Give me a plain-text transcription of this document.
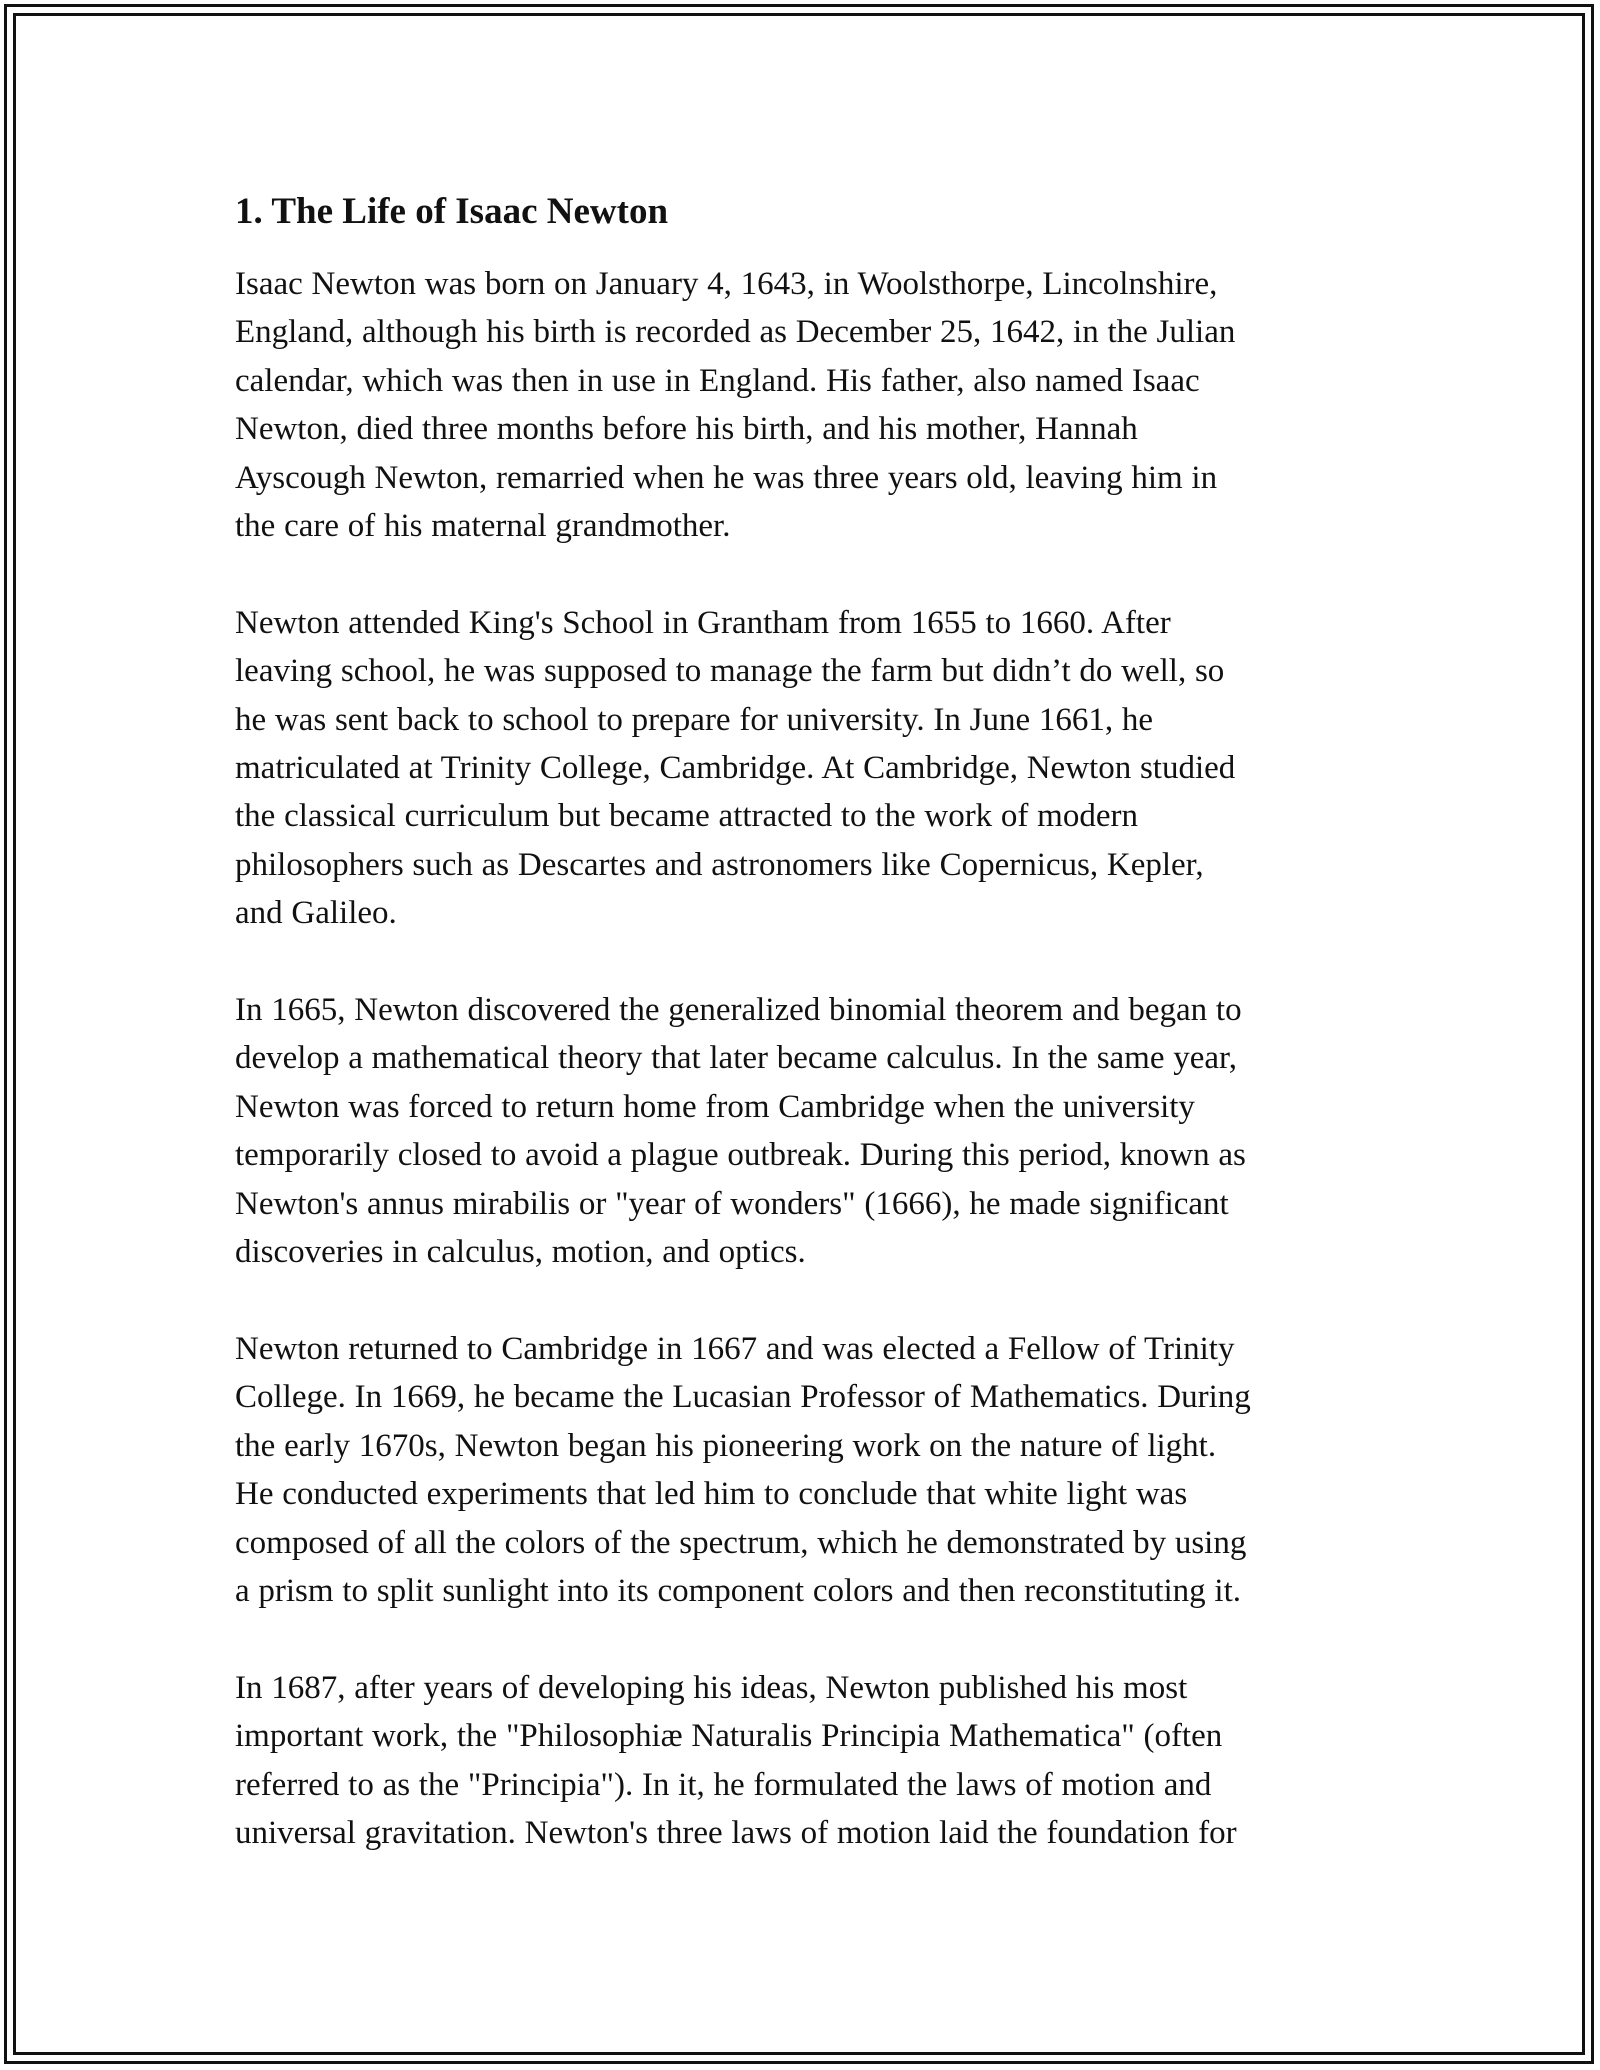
1. The Life of Isaac Newton

Isaac Newton was born on January 4, 1643, in Woolsthorpe, Lincolnshire,
England, although his birth is recorded as December 25, 1642, in the Julian
calendar, which was then in use in England. His father, also named Isaac
Newton, died three months before his birth, and his mother, Hannah
Ayscough Newton, remarried when he was three years old, leaving him in
the care of his maternal grandmother.

Newton attended King's School in Grantham from 1655 to 1660. After
leaving school, he was supposed to manage the farm but didn’t do well, so
he was sent back to school to prepare for university. In June 1661, he
matriculated at Trinity College, Cambridge. At Cambridge, Newton studied
the classical curriculum but became attracted to the work of modern
philosophers such as Descartes and astronomers like Copernicus, Kepler,
and Galileo.

In 1665, Newton discovered the generalized binomial theorem and began to
develop a mathematical theory that later became calculus. In the same year,
Newton was forced to return home from Cambridge when the university
temporarily closed to avoid a plague outbreak. During this period, known as
Newton's annus mirabilis or "year of wonders" (1666), he made significant
discoveries in calculus, motion, and optics.

Newton returned to Cambridge in 1667 and was elected a Fellow of Trinity
College. In 1669, he became the Lucasian Professor of Mathematics. During
the early 1670s, Newton began his pioneering work on the nature of light.
He conducted experiments that led him to conclude that white light was
composed of all the colors of the spectrum, which he demonstrated by using
a prism to split sunlight into its component colors and then reconstituting it.

In 1687, after years of developing his ideas, Newton published his most
important work, the "Philosophiæ Naturalis Principia Mathematica" (often
referred to as the "Principia"). In it, he formulated the laws of motion and
universal gravitation. Newton's three laws of motion laid the foundation for
